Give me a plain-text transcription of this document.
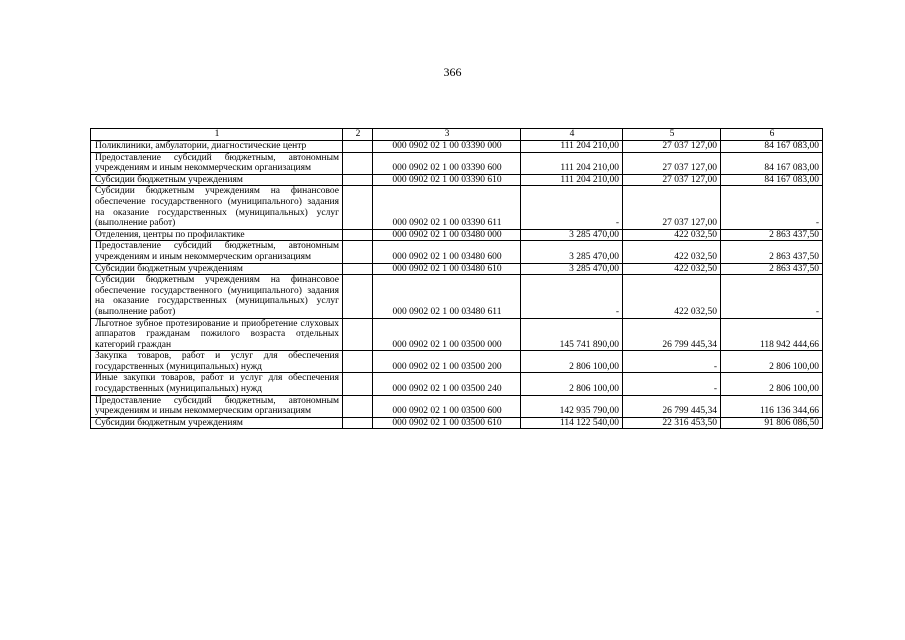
366
1	2	3	4	5	6
Поликлиники, амбулатории, диагностические центр		000 0902 02 1 00 03390 000	111 204 210,00	27 037 127,00	84 167 083,00
Предоставление субсидий бюджетным, автономным учреждениям и иным некоммерческим организациям		000 0902 02 1 00 03390 600	111 204 210,00	27 037 127,00	84 167 083,00
Субсидии бюджетным учреждениям		000 0902 02 1 00 03390 610	111 204 210,00	27 037 127,00	84 167 083,00
Субсидии бюджетным учреждениям на финансовое обеспечение государственного (муниципального) задания на оказание государственных (муниципальных) услуг (выполнение работ)		000 0902 02 1 00 03390 611	-	27 037 127,00	-
Отделения, центры по профилактике		000 0902 02 1 00 03480 000	3 285 470,00	422 032,50	2 863 437,50
Предоставление субсидий бюджетным, автономным учреждениям и иным некоммерческим организациям		000 0902 02 1 00 03480 600	3 285 470,00	422 032,50	2 863 437,50
Субсидии бюджетным учреждениям		000 0902 02 1 00 03480 610	3 285 470,00	422 032,50	2 863 437,50
Субсидии бюджетным учреждениям на финансовое обеспечение государственного (муниципального) задания на оказание государственных (муниципальных) услуг (выполнение работ)		000 0902 02 1 00 03480 611	-	422 032,50	-
Льготное зубное протезирование и приобретение слуховых аппаратов гражданам пожилого возраста отдельных категорий граждан		000 0902 02 1 00 03500 000	145 741 890,00	26 799 445,34	118 942 444,66
Закупка товаров, работ и услуг для обеспечения государственных (муниципальных) нужд		000 0902 02 1 00 03500 200	2 806 100,00	-	2 806 100,00
Иные закупки товаров, работ и услуг для обеспечения государственных (муниципальных) нужд		000 0902 02 1 00 03500 240	2 806 100,00	-	2 806 100,00
Предоставление субсидий бюджетным, автономным учреждениям и иным некоммерческим организациям		000 0902 02 1 00 03500 600	142 935 790,00	26 799 445,34	116 136 344,66
Субсидии бюджетным учреждениям		000 0902 02 1 00 03500 610	114 122 540,00	22 316 453,50	91 806 086,50
